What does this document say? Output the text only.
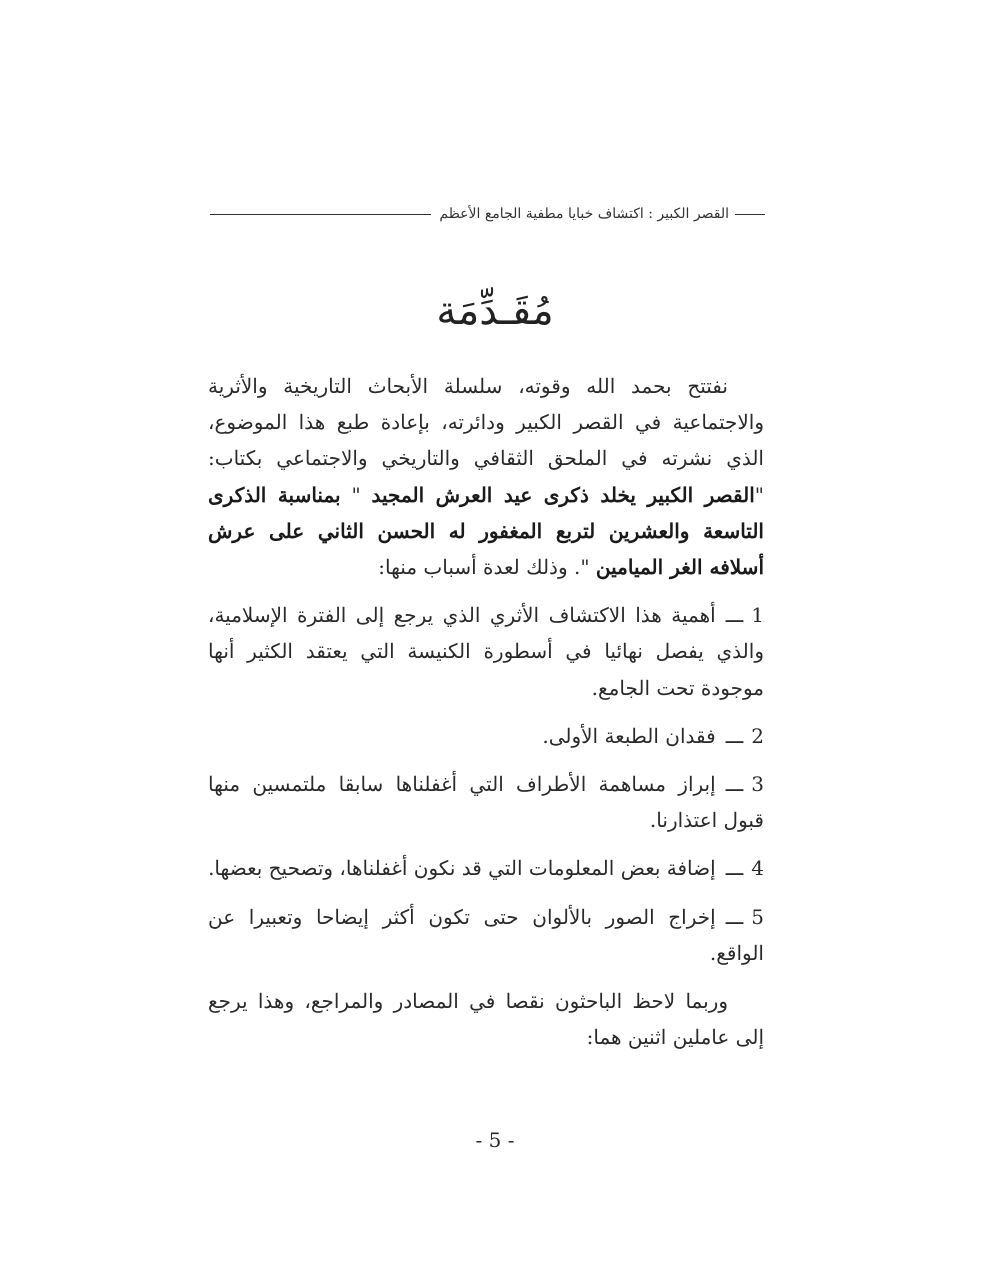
القصر الكبير : اكتشاف خبايا مطفية الجامع الأعظم
مُقَـدِّمَة

نفتتح بحمد الله وقوته، سلسلة الأبحاث التاريخية والأثرية والاجتماعية في القصر الكبير ودائرته، بإعادة طبع هذا الموضوع، الذي نشرته في الملحق الثقافي والتاريخي والاجتماعي بكتاب: "القصر الكبير يخلد ذكرى عيد العرش المجيد " بمناسبة الذكرى التاسعة والعشرين لتربع المغفور له الحسن الثاني على عرش أسلافه الغر الميامين ". وذلك لعدة أسباب منها:

1ـــأهمية هذا الاكتشاف الأثري الذي يرجع إلى الفترة الإسلامية، والذي يفصل نهائيا في أسطورة الكنيسة التي يعتقد الكثير أنها موجودة تحت الجامع.

2ـــفقدان الطبعة الأولى.

3ـــإبراز مساهمة الأطراف التي أغفلناها سابقا ملتمسين منها قبول اعتذارنا.

4ـــإضافة بعض المعلومات التي قد نكون أغفلناها، وتصحيح بعضها.

5ـــإخراج الصور بالألوان حتى تكون أكثر إيضاحا وتعبيرا عن الواقع.

وربما لاحظ الباحثون نقصا في المصادر والمراجع، وهذا يرجع إلى عاملين اثنين هما:

- 5 -
